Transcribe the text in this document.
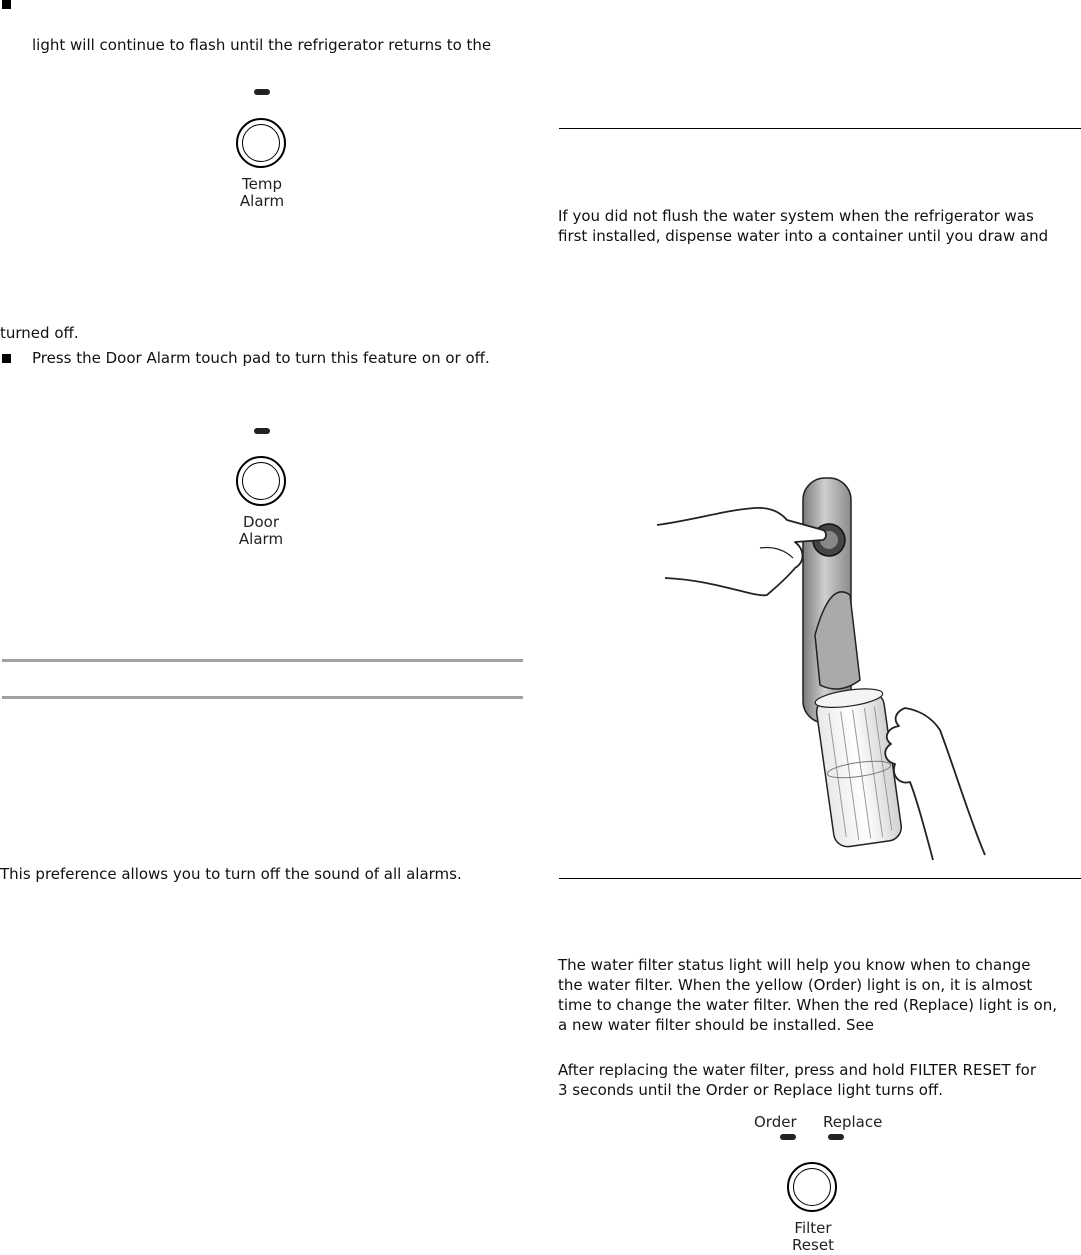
light will continue to flash until the refrigerator returns to the
Temp
Alarm
turned off.
Press the Door Alarm touch pad to turn this feature on or off.
Door
Alarm
This preference allows you to turn off the sound of all alarms.
If you did not flush the water system when the refrigerator was
first installed, dispense water into a container until you draw and
The water filter status light will help you know when to change
the water filter. When the yellow (Order) light is on, it is almost
time to change the water filter. When the red (Replace) light is on,
a new water filter should be installed. See
After replacing the water filter, press and hold FILTER RESET for
3 seconds until the Order or Replace light turns off.
Order Replace
Filter
Reset
